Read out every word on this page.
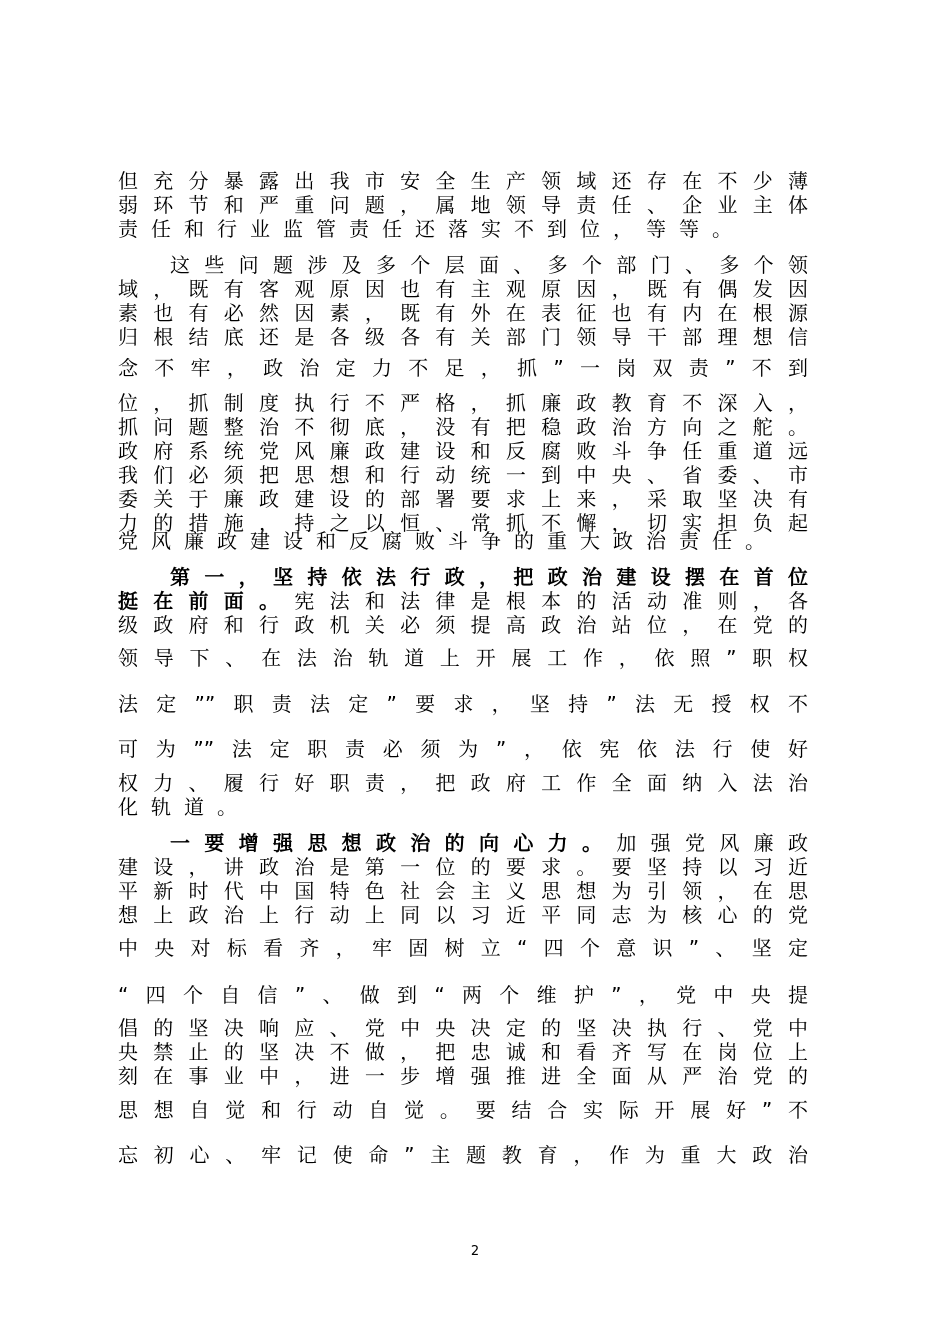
但充分暴露出我市安全生产领域还存在不少薄
弱环节和严重问题，属地领导责任、企业主体
责任和行业监管责任还落实不到位，等等。
这些问题涉及多个层面、多个部门、多个领
域，既有客观原因也有主观原因，既有偶发因
素也有必然因素，既有外在表征也有内在根源
归根结底还是各级各有关部门领导干部理想信
念不牢，政治定力不足，抓”一岗双责”不到
位，抓制度执行不严格，抓廉政教育不深入，
抓问题整治不彻底，没有把稳政治方向之舵。
政府系统党风廉政建设和反腐败斗争任重道远
我们必须把思想和行动统一到中央、省委、市
委关于廉政建设的部署要求上来，采取坚决有
力的措施，持之以恒、常抓不懈，切实担负起
党风廉政建设和反腐败斗争的重大政治责任。
第一，坚持依法行政，把政治建设摆在首位
挺在前面。宪法和法律是根本的活动准则，各
级政府和行政机关必须提高政治站位，在党的
领导下、在法治轨道上开展工作，依照”职权
法定””职责法定”要求，坚持”法无授权不
可为””法定职责必须为”，依宪依法行使好
权力、履行好职责，把政府工作全面纳入法治
化轨道。
一要增强思想政治的向心力。加强党风廉政
建设，讲政治是第一位的要求。要坚持以习近
平新时代中国特色社会主义思想为引领，在思
想上政治上行动上同以习近平同志为核心的党
中央对标看齐，牢固树立“四个意识”、坚定
“四个自信”、做到“两个维护”，党中央提
倡的坚决响应、党中央决定的坚决执行、党中
央禁止的坚决不做，把忠诚和看齐写在岗位上
刻在事业中，进一步增强推进全面从严治党的
思想自觉和行动自觉。要结合实际开展好”不
忘初心、牢记使命”主题教育，作为重大政治
2
